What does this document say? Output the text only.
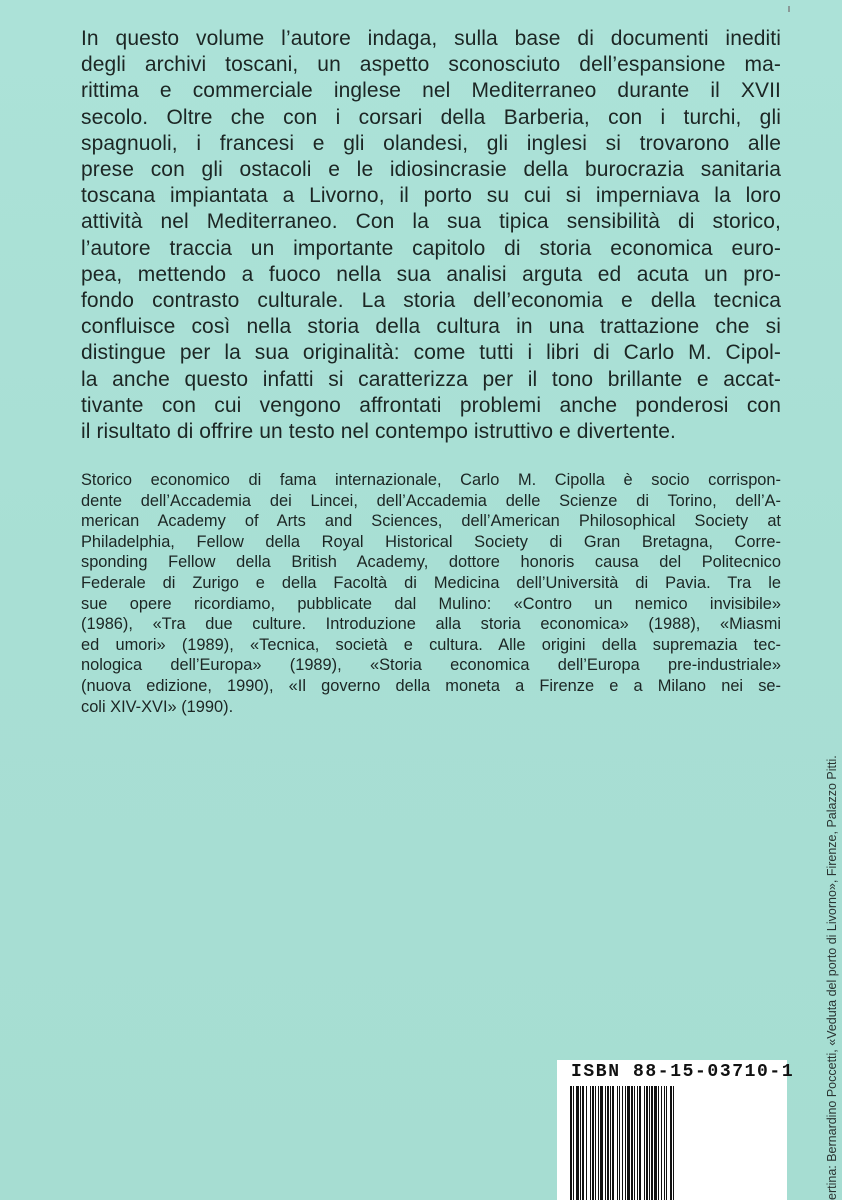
In questo volume l’autore indaga, sulla base di documenti inediti
degli archivi toscani, un aspetto sconosciuto dell’espansione ma-
rittima e commerciale inglese nel Mediterraneo durante il XVII
secolo. Oltre che con i corsari della Barberia, con i turchi, gli
spagnuoli, i francesi e gli olandesi, gli inglesi si trovarono alle
prese con gli ostacoli e le idiosincrasie della burocrazia sanitaria
toscana impiantata a Livorno, il porto su cui si imperniava la loro
attività nel Mediterraneo. Con la sua tipica sensibilità di storico,
l’autore traccia un importante capitolo di storia economica euro-
pea, mettendo a fuoco nella sua analisi arguta ed acuta un pro-
fondo contrasto culturale. La storia dell’economia e della tecnica
confluisce così nella storia della cultura in una trattazione che si
distingue per la sua originalità: come tutti i libri di Carlo M. Cipol-
la anche questo infatti si caratterizza per il tono brillante e accat-
tivante con cui vengono affrontati problemi anche ponderosi con
il risultato di offrire un testo nel contempo istruttivo e divertente.
Storico economico di fama internazionale, Carlo M. Cipolla è socio corrispon-
dente dell’Accademia dei Lincei, dell’Accademia delle Scienze di Torino, dell’A-
merican Academy of Arts and Sciences, dell’American Philosophical Society at
Philadelphia, Fellow della Royal Historical Society di Gran Bretagna, Corre-
sponding Fellow della British Academy, dottore honoris causa del Politecnico
Federale di Zurigo e della Facoltà di Medicina dell’Università di Pavia. Tra le
sue opere ricordiamo, pubblicate dal Mulino: «Contro un nemico invisibile»
(1986), «Tra due culture. Introduzione alla storia economica» (1988), «Miasmi
ed umori» (1989), «Tecnica, società e cultura. Alle origini della supremazia tec-
nologica dell’Europa» (1989), «Storia economica dell’Europa pre-industriale»
(nuova edizione, 1990), «Il governo della moneta a Firenze e a Milano nei se-
coli XIV-XVI» (1990).
ertina: Bernardino Poccetti, «Veduta del porto di Livorno», Firenze, Palazzo Pitti.
ISBN 88-15-03710-1
